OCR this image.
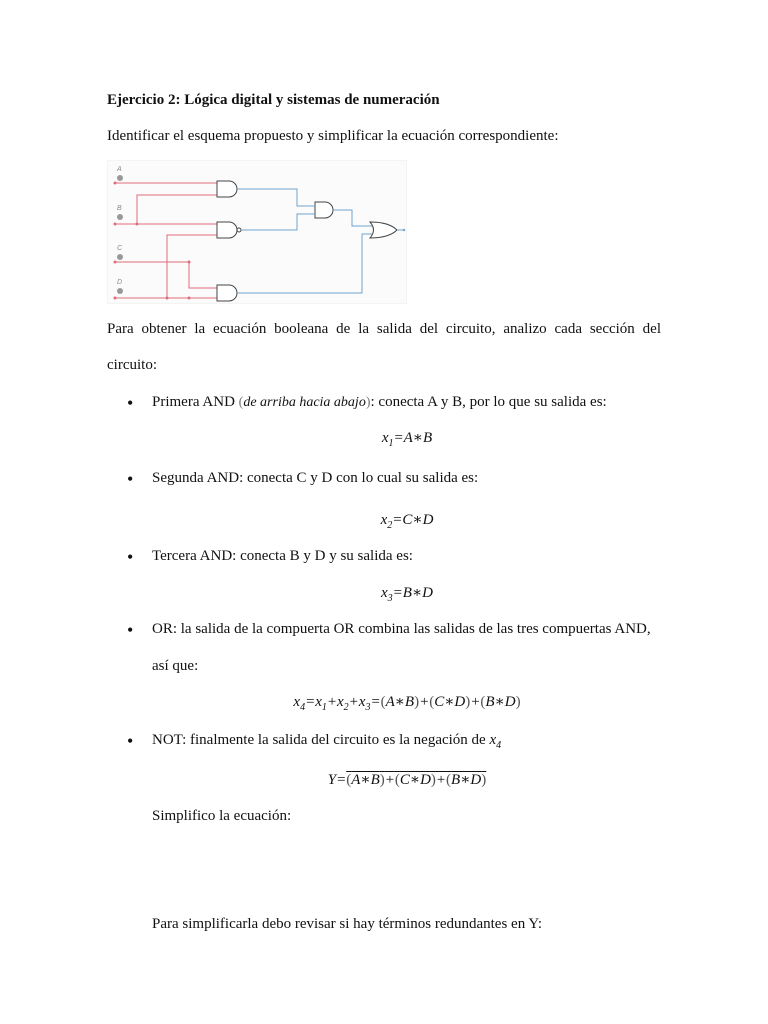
Ejercicio 2: Lógica digital y sistemas de numeración
Identificar el esquema propuesto y simplificar la ecuación correspondiente:
A
B
C
D
Para obtener la ecuación booleana de la salida del circuito, analizo cada sección del
circuito:
• Primera AND (de arriba hacia abajo): conecta A y B, por lo que su salida es:
$x_1=A∗B$
• Segunda AND: conecta C y D con lo cual su salida es:
$x_2=C∗D$
• Tercera AND: conecta B y D y su salida es:
$x_3=B∗D$
• OR: la salida de la compuerta OR combina las salidas de las tres compuertas AND,
así que:
$x_4=x_1+x_2+x_3=(A∗B)+(C∗D)+(B∗D)$
• NOT: finalmente la salida del circuito es la negación de $x_4$
Y=(A∗B)+(C∗D)+(B∗D)
Simplifico la ecuación:
Para simplificarla debo revisar si hay términos redundantes en Y:
